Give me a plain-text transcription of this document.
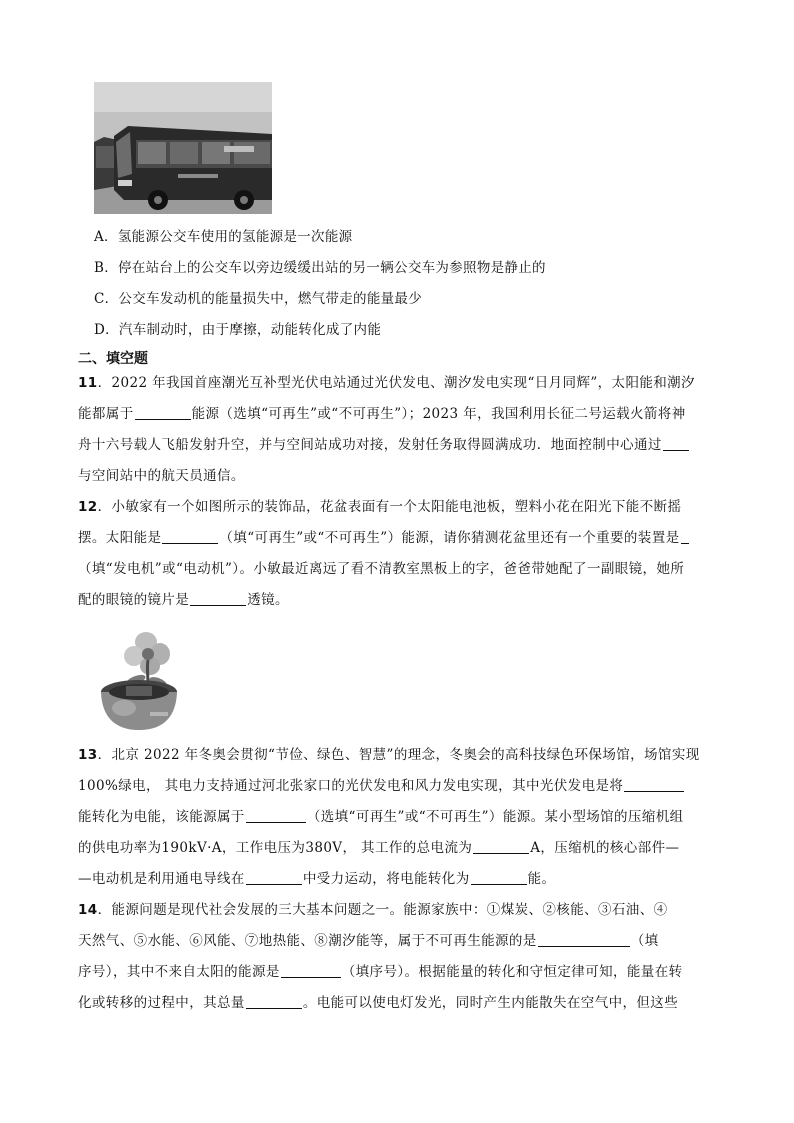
A．氢能源公交车使用的氢能源是一次能源
B．停在站台上的公交车以旁边缓缓出站的另一辆公交车为参照物是静止的
C．公交车发动机的能量损失中，燃气带走的能量最少
D．汽车制动时，由于摩擦，动能转化成了内能
二、填空题
11．2022 年我国首座潮光互补型光伏电站通过光伏发电、潮汐发电实现“日月同辉”，太阳能和潮汐
能都属于	能源（选填“可再生”或“不可再生”）；2023 年，我国利用长征二号运载火箭将神
舟十六号载人飞船发射升空，并与空间站成功对接，发射任务取得圆满成功．地面控制中心通过
与空间站中的航天员通信。
12．小敏家有一个如图所示的装饰品，花盆表面有一个太阳能电池板，塑料小花在阳光下能不断摇
摆。太阳能是	（填“可再生”或“不可再生”）能源，请你猜测花盆里还有一个重要的装置是
（填“发电机”或“电动机”）。小敏最近离远了看不清教室黑板上的字，爸爸带她配了一副眼镜，她所
配的眼镜的镜片是	透镜。
13．北京 2022 年冬奥会贯彻“节俭、绿色、智慧”的理念，冬奥会的高科技绿色环保场馆，场馆实现
100%绿电， 其电力支持通过河北张家口的光伏发电和风力发电实现，其中光伏发电是将
能转化为电能，该能源属于	（选填“可再生”或“不可再生”）能源。某小型场馆的压缩机组
的供电功率为190kV·A，工作电压为380V， 其工作的总电流为	A，压缩机的核心部件—
—电动机是利用通电导线在	中受力运动，将电能转化为	能。
14．能源问题是现代社会发展的三大基本问题之一。能源家族中：①煤炭、②核能、③石油、④
天然气、⑤水能、⑥风能、⑦地热能、⑧潮汐能等，属于不可再生能源的是	（填
序号），其中不来自太阳的能源是	（填序号）。根据能量的转化和守恒定律可知，能量在转
化或转移的过程中，其总量	。电能可以使电灯发光，同时产生内能散失在空气中，但这些
